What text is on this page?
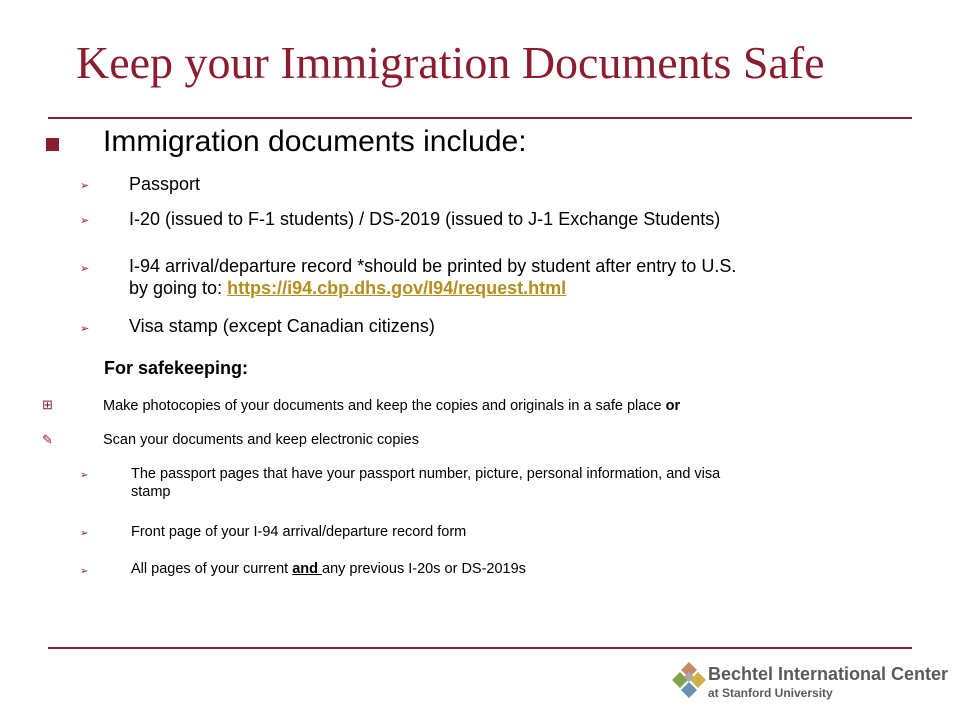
Keep your Immigration Documents Safe
Immigration documents include:
➢ Passport
➢ I-20 (issued to F-1 students) / DS-2019 (issued to J-1 Exchange Students)
➢ I-94 arrival/departure record *should be printed by student after entry to U.S.
by going to: https://i94.cbp.dhs.gov/I94/request.html
➢ Visa stamp (except Canadian citizens)
For safekeeping:
⊞	Make photocopies of your documents and keep the copies and originals in a safe place or
✎	Scan your documents and keep electronic copies
➢	The passport pages that have your passport number, picture, personal information, and visa
stamp
➢	Front page of your I-94 arrival/departure record form
➢	All pages of your current and any previous I-20s or DS-2019s
Bechtel International Center
at Stanford University
